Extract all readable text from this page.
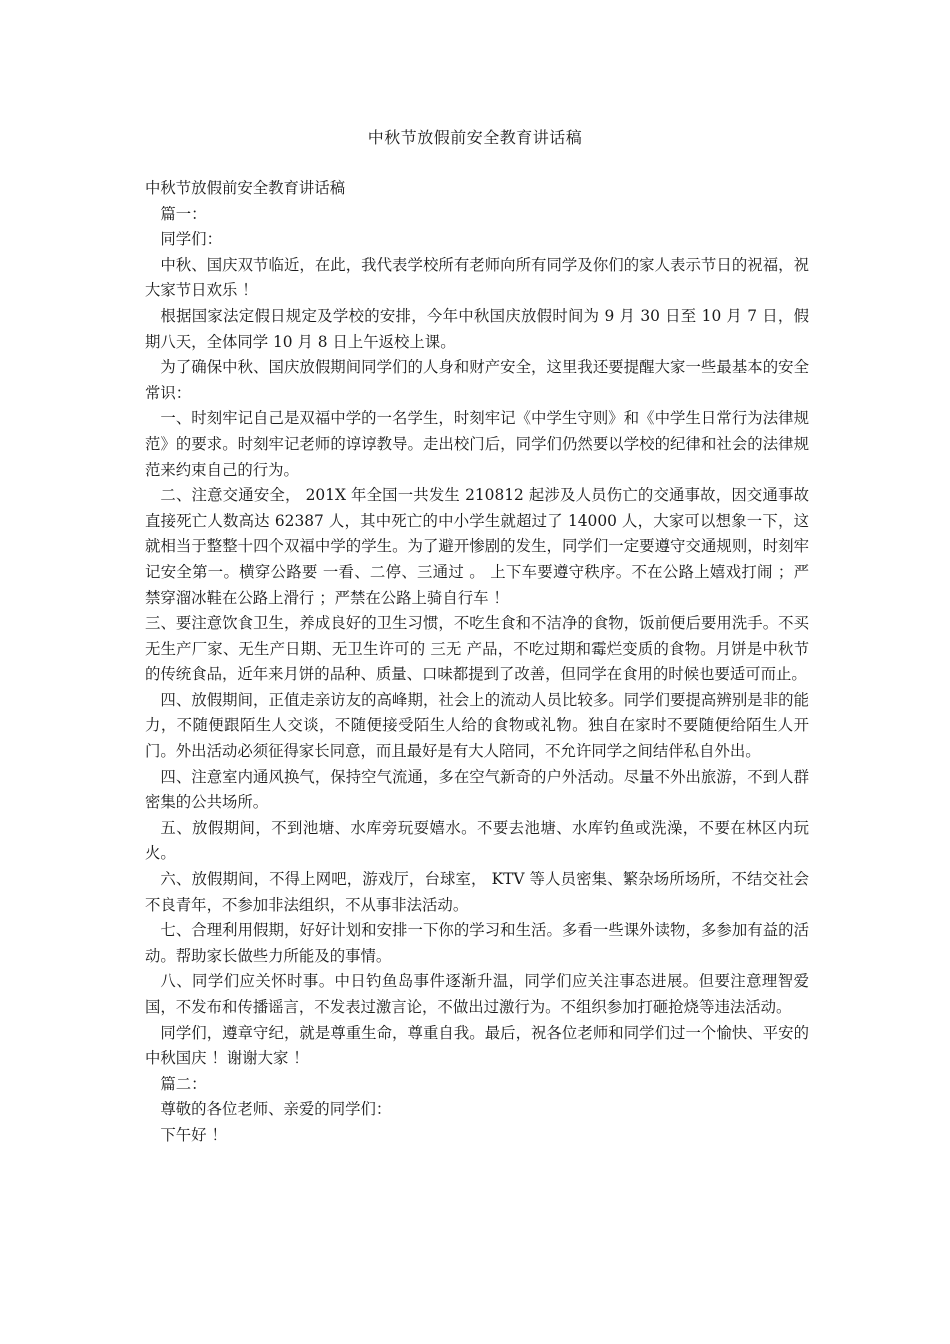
中秋节放假前安全教育讲话稿

中秋节放假前安全教育讲话稿

篇一：

同学们：

中秋、国庆双节临近，在此，我代表学校所有老师向所有同学及你们的家人表示节日的祝福，祝大家节日欢乐 ！

根据国家法定假日规定及学校的安排，今年中秋国庆放假时间为 9 月 30 日至 10 月 7 日，假期八天，全体同学 10 月 8 日上午返校上课。

为了确保中秋、国庆放假期间同学们的人身和财产安全，这里我还要提醒大家一些最基本的安全常识：

一、时刻牢记自己是双福中学的一名学生，时刻牢记《中学生守则》和《中学生日常行为法律规范》的要求。时刻牢记老师的谆谆教导。走出校门后，同学们仍然要以学校的纪律和社会的法律规范来约束自己的行为。

二、注意交通安全， 201X 年全国一共发生 210812 起涉及人员伤亡的交通事故，因交通事故直接死亡人数高达 62387 人，其中死亡的中小学生就超过了 14000 人，大家可以想象一下，这就相当于整整十四个双福中学的学生。为了避开惨剧的发生，同学们一定要遵守交通规则，时刻牢记安全第一。横穿公路要 一看、二停、三通过 。 上下车要遵守秩序。不在公路上嬉戏打闹 ；严禁穿溜冰鞋在公路上滑行 ；严禁在公路上骑自行车 ！

三、要注意饮食卫生，养成良好的卫生习惯，不吃生食和不洁净的食物，饭前便后要用洗手。不买无生产厂家、无生产日期、无卫生许可的 三无 产品，不吃过期和霉烂变质的食物。月饼是中秋节的传统食品，近年来月饼的品种、质量、口味都提到了改善，但同学在食用的时候也要适可而止。

四、放假期间，正值走亲访友的高峰期，社会上的流动人员比较多。同学们要提高辨别是非的能力，不随便跟陌生人交谈，不随便接受陌生人给的食物或礼物。独自在家时不要随便给陌生人开门。外出活动必须征得家长同意，而且最好是有大人陪同，不允许同学之间结伴私自外出。

四、注意室内通风换气，保持空气流通，多在空气新奇的户外活动。尽量不外出旅游，不到人群密集的公共场所。

五、放假期间，不到池塘、水库旁玩耍嬉水。不要去池塘、水库钓鱼或洗澡，不要在林区内玩火。

六、放假期间，不得上网吧，游戏厅，台球室， KTV 等人员密集、繁杂场所场所，不结交社会不良青年，不参加非法组织，不从事非法活动。

七、合理利用假期，好好计划和安排一下你的学习和生活。多看一些课外读物，多参加有益的活动。帮助家长做些力所能及的事情。

八、同学们应关怀时事。中日钓鱼岛事件逐渐升温，同学们应关注事态进展。但要注意理智爱国，不发布和传播谣言，不发表过激言论，不做出过激行为。不组织参加打砸抢烧等违法活动。

同学们，遵章守纪，就是尊重生命，尊重自我。最后，祝各位老师和同学们过一个愉快、平安的中秋国庆 ！谢谢大家 ！

篇二：

尊敬的各位老师、亲爱的同学们：

下午好 ！
